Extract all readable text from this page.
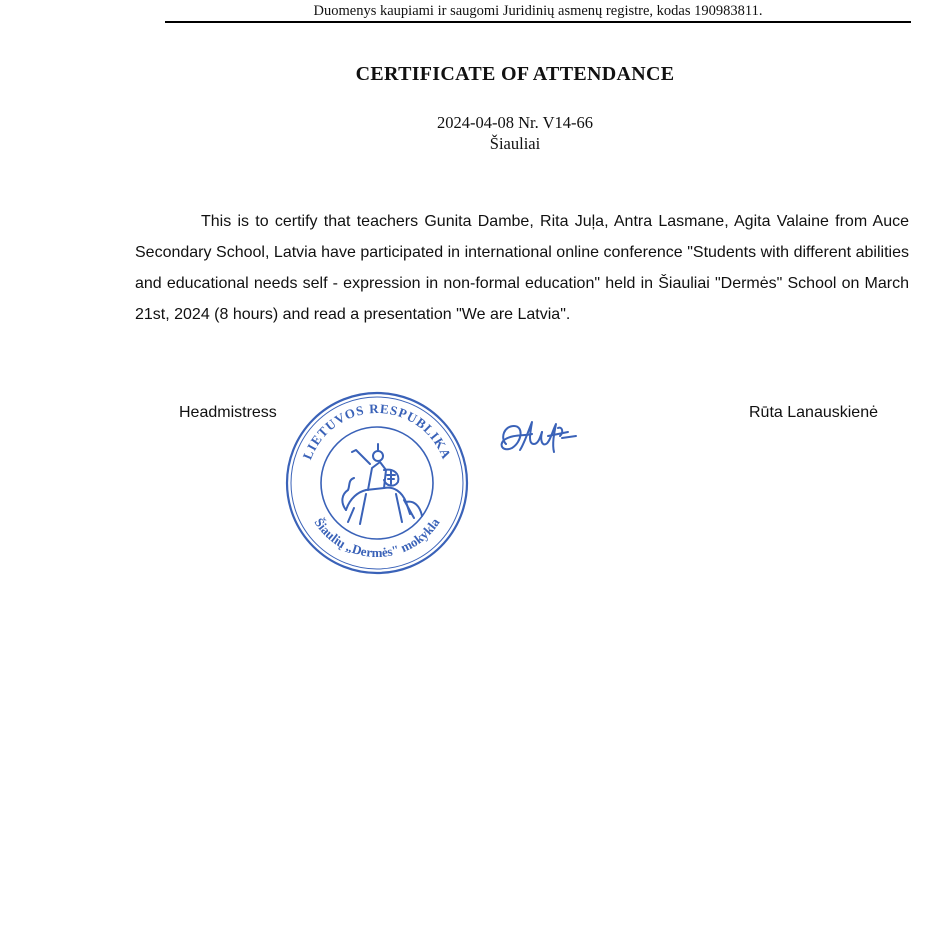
Duomenys kaupiami ir saugomi Juridinių asmenų registre, kodas 190983811.
CERTIFICATE OF ATTENDANCE
2024-04-08 Nr. V14-66
Šiauliai

This is to certify that teachers Gunita Dambe, Rita Juļa, Antra Lasmane, Agita Valaine from Auce Secondary School, Latvia have participated in international online conference "Students with different abilities and educational needs self - expression in non-formal education" held in Šiauliai "Dermės" School on March 21st, 2024 (8 hours) and read a presentation "We are Latvia".

Headmistress	Rūta Lanauskienė
LIETUVOS RESPUBLIKA
Šiaulių „Dermės" mokykla
